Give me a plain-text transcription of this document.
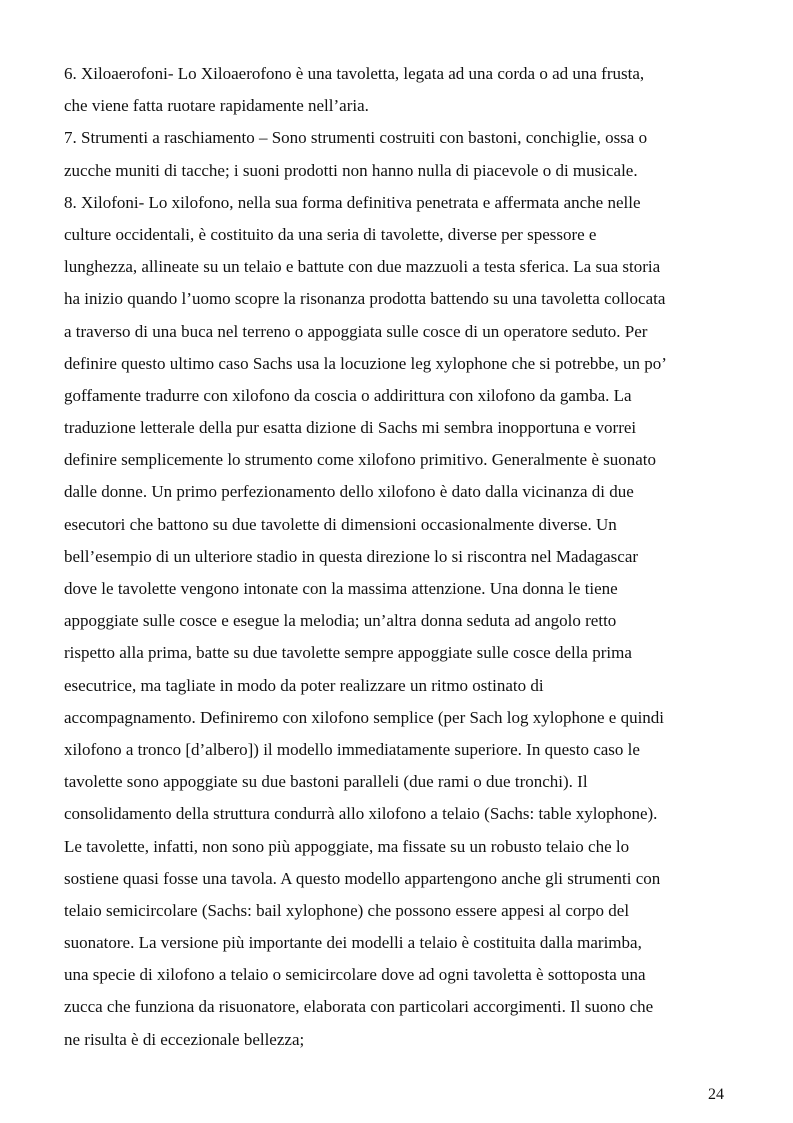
6. Xiloaerofoni- Lo Xiloaerofono è una tavoletta, legata ad una corda o ad una frusta,
che viene fatta ruotare rapidamente nell’aria.
7. Strumenti a raschiamento – Sono strumenti costruiti con bastoni, conchiglie, ossa o
zucche muniti di tacche; i suoni prodotti non hanno nulla di piacevole o di musicale.
8. Xilofoni- Lo xilofono, nella sua forma definitiva penetrata e affermata anche nelle
culture occidentali, è costituito da una seria di tavolette, diverse per spessore e
lunghezza, allineate su un telaio e battute con due mazzuoli a testa sferica. La sua storia
ha inizio quando l’uomo scopre la risonanza prodotta battendo su una tavoletta collocata
a traverso di una buca nel terreno o appoggiata sulle cosce di un operatore seduto. Per
definire questo ultimo caso Sachs usa la locuzione leg xylophone che si potrebbe, un po’
goffamente tradurre con xilofono da coscia o addirittura con xilofono da gamba. La
traduzione letterale della pur esatta dizione di Sachs mi sembra inopportuna e vorrei
definire semplicemente lo strumento come xilofono primitivo. Generalmente è suonato
dalle donne. Un primo perfezionamento dello xilofono è dato dalla vicinanza di due
esecutori che battono su due tavolette di dimensioni occasionalmente diverse. Un
bell’esempio di un ulteriore stadio in questa direzione lo si riscontra nel Madagascar
dove le tavolette vengono intonate con la massima attenzione. Una donna le tiene
appoggiate sulle cosce e esegue la melodia; un’altra donna seduta ad angolo retto
rispetto alla prima, batte su due tavolette sempre appoggiate sulle cosce della prima
esecutrice, ma tagliate in modo da poter realizzare un ritmo ostinato di
accompagnamento. Definiremo con xilofono semplice (per Sach log xylophone e quindi
xilofono a tronco [d’albero]) il modello immediatamente superiore. In questo caso le
tavolette sono appoggiate su due bastoni paralleli (due rami o due tronchi). Il
consolidamento della struttura condurrà allo xilofono a telaio (Sachs: table xylophone).
Le tavolette, infatti, non sono più appoggiate, ma fissate su un robusto telaio che lo
sostiene quasi fosse una tavola. A questo modello appartengono anche gli strumenti con
telaio semicircolare (Sachs: bail xylophone) che possono essere appesi al corpo del
suonatore. La versione più importante dei modelli a telaio è costituita dalla marimba,
una specie di xilofono a telaio o semicircolare dove ad ogni tavoletta è sottoposta una
zucca che funziona da risuonatore, elaborata con particolari accorgimenti. Il suono che
ne risulta è di eccezionale bellezza;
24
